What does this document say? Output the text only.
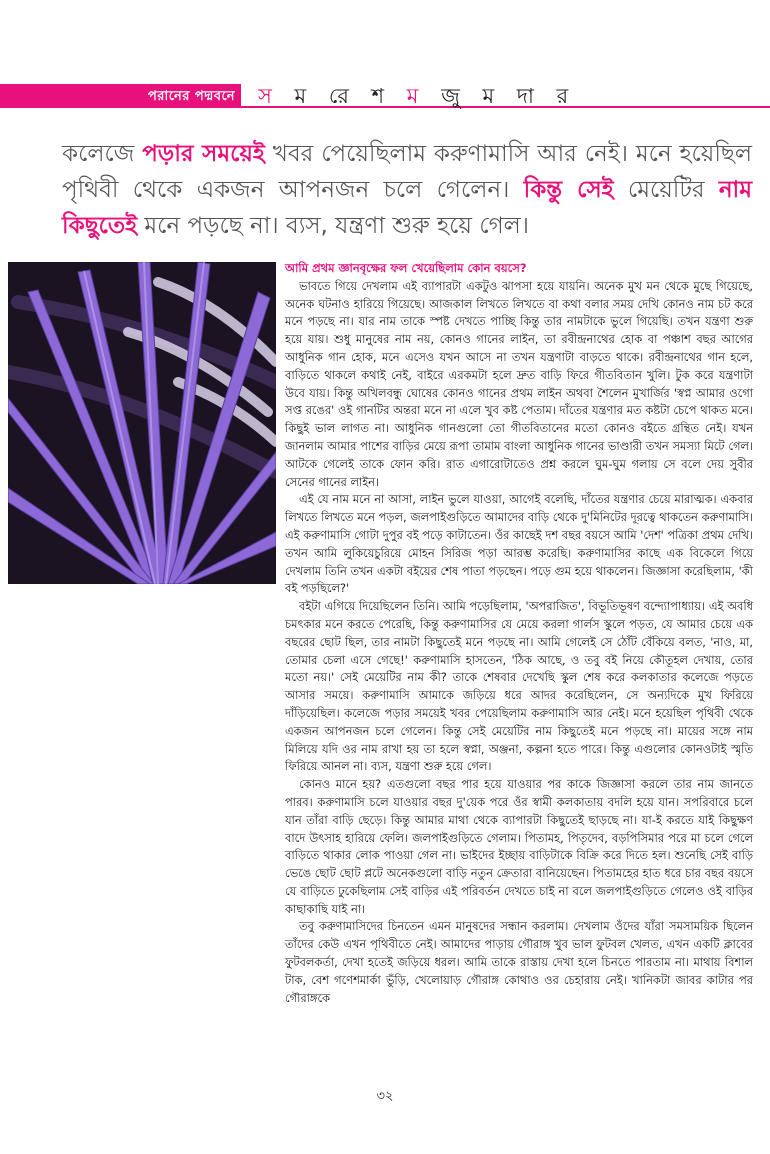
পরানের পদ্মবনে স ম রে শ ম জু ম দা র
কলেজে পড়ার সময়েই খবর পেয়েছিলাম করুণামাসি আর নেই। মনে হয়েছিল পৃথিবী থেকে একজন আপনজন চলে গেলেন। কিন্তু সেই মেয়েটির নাম কিছুতেই মনে পড়ছে না। ব্যস, যন্ত্রণা শুরু হয়ে গেল।

আমি প্রথম জ্ঞানবৃক্ষের ফল খেয়েছিলাম কোন বয়সে?

ভাবতে গিয়ে দেখলাম এই ব্যাপারটা একটুও ঝাপসা হয়ে যায়নি। অনেক মুখ মন থেকে মুছে গিয়েছে, অনেক ঘটনাও হারিয়ে গিয়েছে। আজকাল লিখতে লিখতে বা কথা বলার সময় দেখি কোনও নাম চট করে মনে পড়ছে না। যার নাম তাকে স্পষ্ট দেখতে পাচ্ছি কিন্তু তার নামটাকে ভুলে গিয়েছি। তখন যন্ত্রণা শুরু হয়ে যায়। শুধু মানুষের নাম নয়, কোনও গানের লাইন, তা রবীন্দ্রনাথের হোক বা পঞ্চাশ বছর আগের আধুনিক গান হোক, মনে এসেও যখন আসে না তখন যন্ত্রণাটা বাড়তে থাকে। রবীন্দ্রনাথের গান হলে, বাড়িতে থাকলে কথাই নেই, বাইরে এরকমটা হলে দ্রুত বাড়ি ফিরে গীতবিতান খুলি। টুক করে যন্ত্রণাটা উবে যায়। কিন্তু অখিলবন্ধু ঘোষের কোনও গানের প্রথম লাইন অথবা শৈলেন মুখার্জির 'স্বপ্ন আমার ওগো সপ্ত রঙের' ওই গানটির অন্তরা মনে না এলে খুব কষ্ট পেতাম। দাঁতের যন্ত্রণার মত কষ্টটা চেপে থাকত মনে। কিছুই ভাল লাগত না। আধুনিক গানগুলো তো গীতবিতানের মতো কোনও বইতে গ্রন্থিত নেই। যখন জানলাম আমার পাশের বাড়ির মেয়ে রূপা তামাম বাংলা আধুনিক গানের ভাণ্ডারী তখন সমস্যা মিটে গেল। আটকে গেলেই তাকে ফোন করি। রাত এগারোটাতেও প্রশ্ন করলে ঘুম-ঘুম গলায় সে বলে দেয় সুবীর সেনের গানের লাইন।

এই যে নাম মনে না আসা, লাইন ভুলে যাওয়া, আগেই বলেছি, দাঁতের যন্ত্রণার চেয়ে মারাত্মক। একবার লিখতে লিখতে মনে পড়ল, জলপাইগুড়িতে আমাদের বাড়ি থেকে দু'মিনিটের দূরত্বে থাকতেন করুণামাসি। এই করুণামাসি গোটা দুপুর বই পড়ে কাটাতেন। ওঁর কাছেই দশ বছর বয়সে আমি 'দেশ' পত্রিকা প্রথম দেখি। তখন আমি লুকিয়েচুরিয়ে মোহন সিরিজ পড়া আরম্ভ করেছি। করুণামাসির কাছে এক বিকেলে গিয়ে দেখলাম তিনি তখন একটা বইয়ের শেষ পাতা পড়ছেন। পড়ে গুম হয়ে থাকলেন। জিজ্ঞাসা করেছিলাম, 'কী বই পড়ছিলে?'

বইটা এগিয়ে দিয়েছিলেন তিনি। আমি পড়েছিলাম, 'অপরাজিত', বিভূতিভূষণ বন্দ্যোপাধ্যায়। এই অবধি চমৎকার মনে করতে পেরেছি, কিন্তু করুণামাসির যে মেয়ে করলা গার্লস স্কুলে পড়ত, যে আমার চেয়ে এক বছরের ছোট ছিল, তার নামটা কিছুতেই মনে পড়ছে না। আমি গেলেই সে ঠোঁট বেঁকিয়ে বলত, 'নাও, মা, তোমার চেলা এসে গেছে!' করুণামাসি হাসতেন, 'ঠিক আছে, ও তবু বই নিয়ে কৌতূহল দেখায়, তোর মতো নয়।' সেই মেয়েটির নাম কী? তাকে শেষবার দেখেছি স্কুল শেষ করে কলকাতার কলেজে পড়তে আসার সময়ে। করুণামাসি আমাকে জড়িয়ে ধরে আদর করেছিলেন, সে অন্যদিকে মুখ ফিরিয়ে দাঁড়িয়েছিল। কলেজে পড়ার সময়েই খবর পেয়েছিলাম করুণামাসি আর নেই। মনে হয়েছিল পৃথিবী থেকে একজন আপনজন চলে গেলেন। কিন্তু সেই মেয়েটির নাম কিছুতেই মনে পড়ছে না। মায়ের সঙ্গে নাম মিলিয়ে যদি ওর নাম রাখা হয় তা হলে স্বপ্না, অঞ্জনা, কল্পনা হতে পারে। কিন্তু এগুলোর কোনওটাই স্মৃতি ফিরিয়ে আনল না। ব্যস, যন্ত্রণা শুরু হয়ে গেল।

কোনও মানে হয়? এতগুলো বছর পার হয়ে যাওয়ার পর কাকে জিজ্ঞাসা করলে তার নাম জানতে পারব। করুণামাসি চলে যাওয়ার বছর দু'য়েক পরে ওঁর স্বামী কলকাতায় বদলি হয়ে যান। সপরিবারে চলে যান তাঁরা বাড়ি ছেড়ে। কিন্তু আমার মাথা থেকে ব্যাপারটা কিছুতেই ছাড়ছে না। যা-ই করতে যাই কিছুক্ষণ বাদে উৎসাহ হারিয়ে ফেলি। জলপাইগুড়িতে গেলাম। পিতামহ, পিতৃদেব, বড়পিসিমার পরে মা চলে গেলে বাড়িতে থাকার লোক পাওয়া গেল না। ভাইদের ইচ্ছায় বাড়িটাকে বিক্রি করে দিতে হল। শুনেছি সেই বাড়ি ভেঙে ছোট ছোট প্লটে অনেকগুলো বাড়ি নতুন ক্রেতারা বানিয়েছেন। পিতামহের হাত ধরে চার বছর বয়সে যে বাড়িতে ঢুকেছিলাম সেই বাড়ির এই পরিবর্তন দেখতে চাই না বলে জলপাইগুড়িতে গেলেও ওই বাড়ির কাছাকাছি যাই না।

তবু করুণামাসিদের চিনতেন এমন মানুষদের সন্ধান করলাম। দেখলাম ওঁদের যাঁরা সমসাময়িক ছিলেন তাঁদের কেউ এখন পৃথিবীতে নেই। আমাদের পাড়ায় গৌরাঙ্গ খুব ভাল ফুটবল খেলত, এখন একটি ক্লাবের ফুটবলকর্তা, দেখা হতেই জড়িয়ে ধরল। আমি তাকে রাস্তায় দেখা হলে চিনতে পারতাম না। মাথায় বিশাল টাক, বেশ গণেশমার্কা ভুঁড়ি, খেলোয়াড় গৌরাঙ্গ কোথাও ওর চেহারায় নেই। খানিকটা জাবর কাটার পর গৌরাঙ্গকে

৩২
